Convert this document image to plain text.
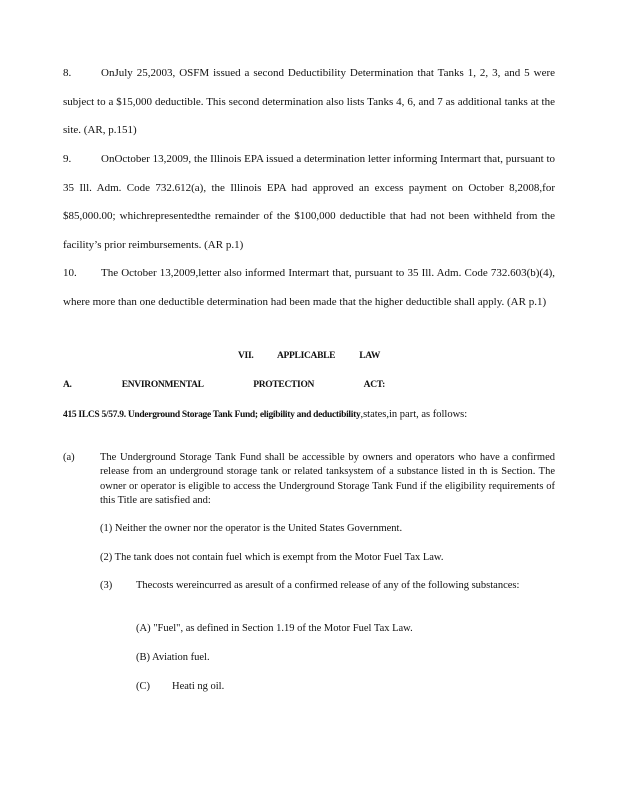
8.	OnJuly 25,2003, OSFM issued a second Deductibility Determination that Tanks 1, 2, 3, and 5 were subject to a $15,000 deductible. This second determination also lists Tanks 4, 6, and 7 as additional tanks at the site. (AR, p.151)

9.	OnOctober 13,2009, the Illinois EPA issued a determination letter informing Intermart that, pursuant to 35 Ill. Adm. Code 732.612(a), the Illinois EPA had approved an excess payment on October 8,2008,for $85,000.00; whichrepresentedthe remainder of the $100,000 deductible that had not been withheld from the facility’s prior reimbursements. (AR p.1)

10. The October 13,2009,letter also informed Intermart that, pursuant to 35 Ill. Adm. Code 732.603(b)(4), where more than one deductible determination had been made that the higher deductible shall apply. (AR p.1)

VII. APPLICABLE LAW
A. ENVIRONMENTAL PROTECTION ACT:
415 ILCS 5/57.9. Underground Storage Tank Fund; eligibility and deductibility,states,in part, as follows:
(a) The Underground Storage Tank Fund shall be accessible by owners and operators who have a confirmed release from an underground storage tank or related tanksystem of a substance listed in th is Section. The owner or operator is eligible to access the Underground Storage Tank Fund if the eligibility requirements of this Title are satisfied and:
(1) Neither the owner nor the operator is the United States Government.
(2) The tank does not contain fuel which is exempt from the Motor Fuel Tax Law.
(3) Thecosts wereincurred as aresult of a confirmed release of any of the following substances:
(A) "Fuel", as defined in Section 1.19 of the Motor Fuel Tax Law.
(B) Aviation fuel.
(C) Heati ng oil.
